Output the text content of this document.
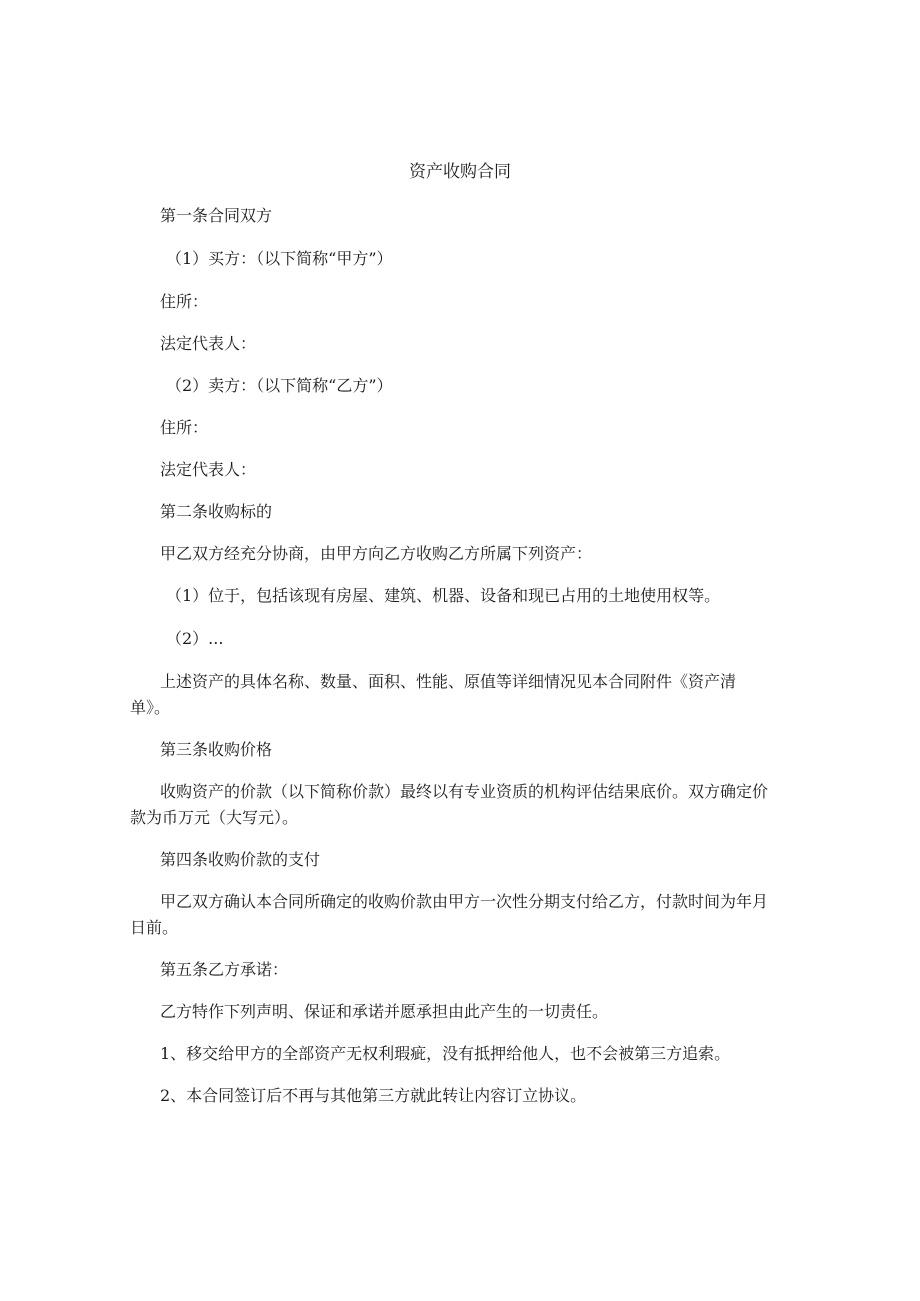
资产收购合同
第一条合同双方
（1）买方：（以下简称“甲方”）
住所：
法定代表人：
（2）卖方：（以下简称“乙方”）
住所：
法定代表人：
第二条收购标的
甲乙双方经充分协商，由甲方向乙方收购乙方所属下列资产：
（1）位于，包括该现有房屋、建筑、机器、设备和现已占用的土地使用权等。
（2）...
上述资产的具体名称、数量、面积、性能、原值等详细情况见本合同附件《资产清
单》。
第三条收购价格
收购资产的价款（以下简称价款）最终以有专业资质的机构评估结果底价。双方确定价
款为币万元（大写元）。
第四条收购价款的支付
甲乙双方确认本合同所确定的收购价款由甲方一次性分期支付给乙方，付款时间为年月
日前。
第五条乙方承诺：
乙方特作下列声明、保证和承诺并愿承担由此产生的一切责任。
1、移交给甲方的全部资产无权利瑕疵，没有抵押给他人，也不会被第三方追索。
2、本合同签订后不再与其他第三方就此转让内容订立协议。
